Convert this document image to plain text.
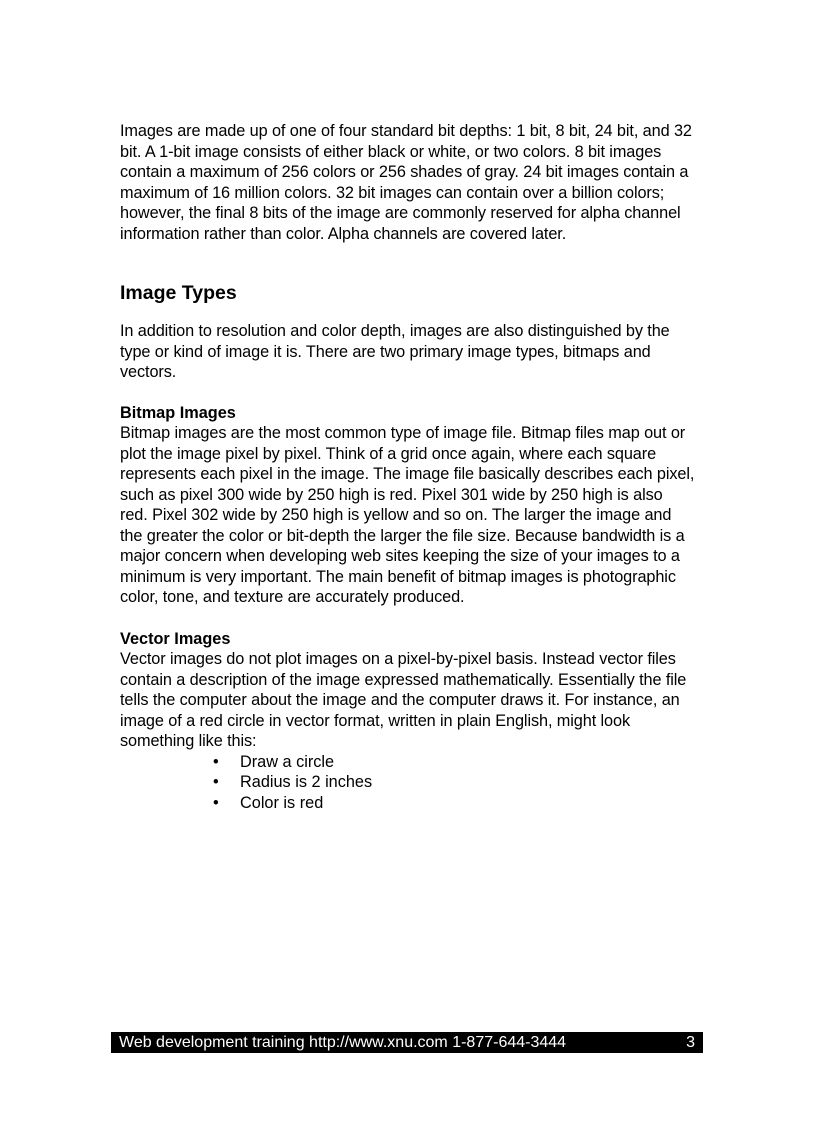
Images are made up of one of four standard bit depths: 1 bit, 8 bit, 24 bit, and 32
bit. A 1-bit image consists of either black or white, or two colors. 8 bit images
contain a maximum of 256 colors or 256 shades of gray. 24 bit images contain a
maximum of 16 million colors. 32 bit images can contain over a billion colors;
however, the final 8 bits of the image are commonly reserved for alpha channel
information rather than color. Alpha channels are covered later.

Image Types

In addition to resolution and color depth, images are also distinguished by the
type or kind of image it is. There are two primary image types, bitmaps and
vectors.

Bitmap Images

Bitmap images are the most common type of image file. Bitmap files map out or
plot the image pixel by pixel. Think of a grid once again, where each square
represents each pixel in the image. The image file basically describes each pixel,
such as pixel 300 wide by 250 high is red. Pixel 301 wide by 250 high is also
red. Pixel 302 wide by 250 high is yellow and so on. The larger the image and
the greater the color or bit-depth the larger the file size. Because bandwidth is a
major concern when developing web sites keeping the size of your images to a
minimum is very important. The main benefit of bitmap images is photographic
color, tone, and texture are accurately produced.

Vector Images

Vector images do not plot images on a pixel-by-pixel basis. Instead vector files
contain a description of the image expressed mathematically. Essentially the file
tells the computer about the image and the computer draws it. For instance, an
image of a red circle in vector format, written in plain English, might look
something like this:

• Draw a circle
• Radius is 2 inches
• Color is red
Web development training http://www.xnu.com 1-877-644-3444	3
